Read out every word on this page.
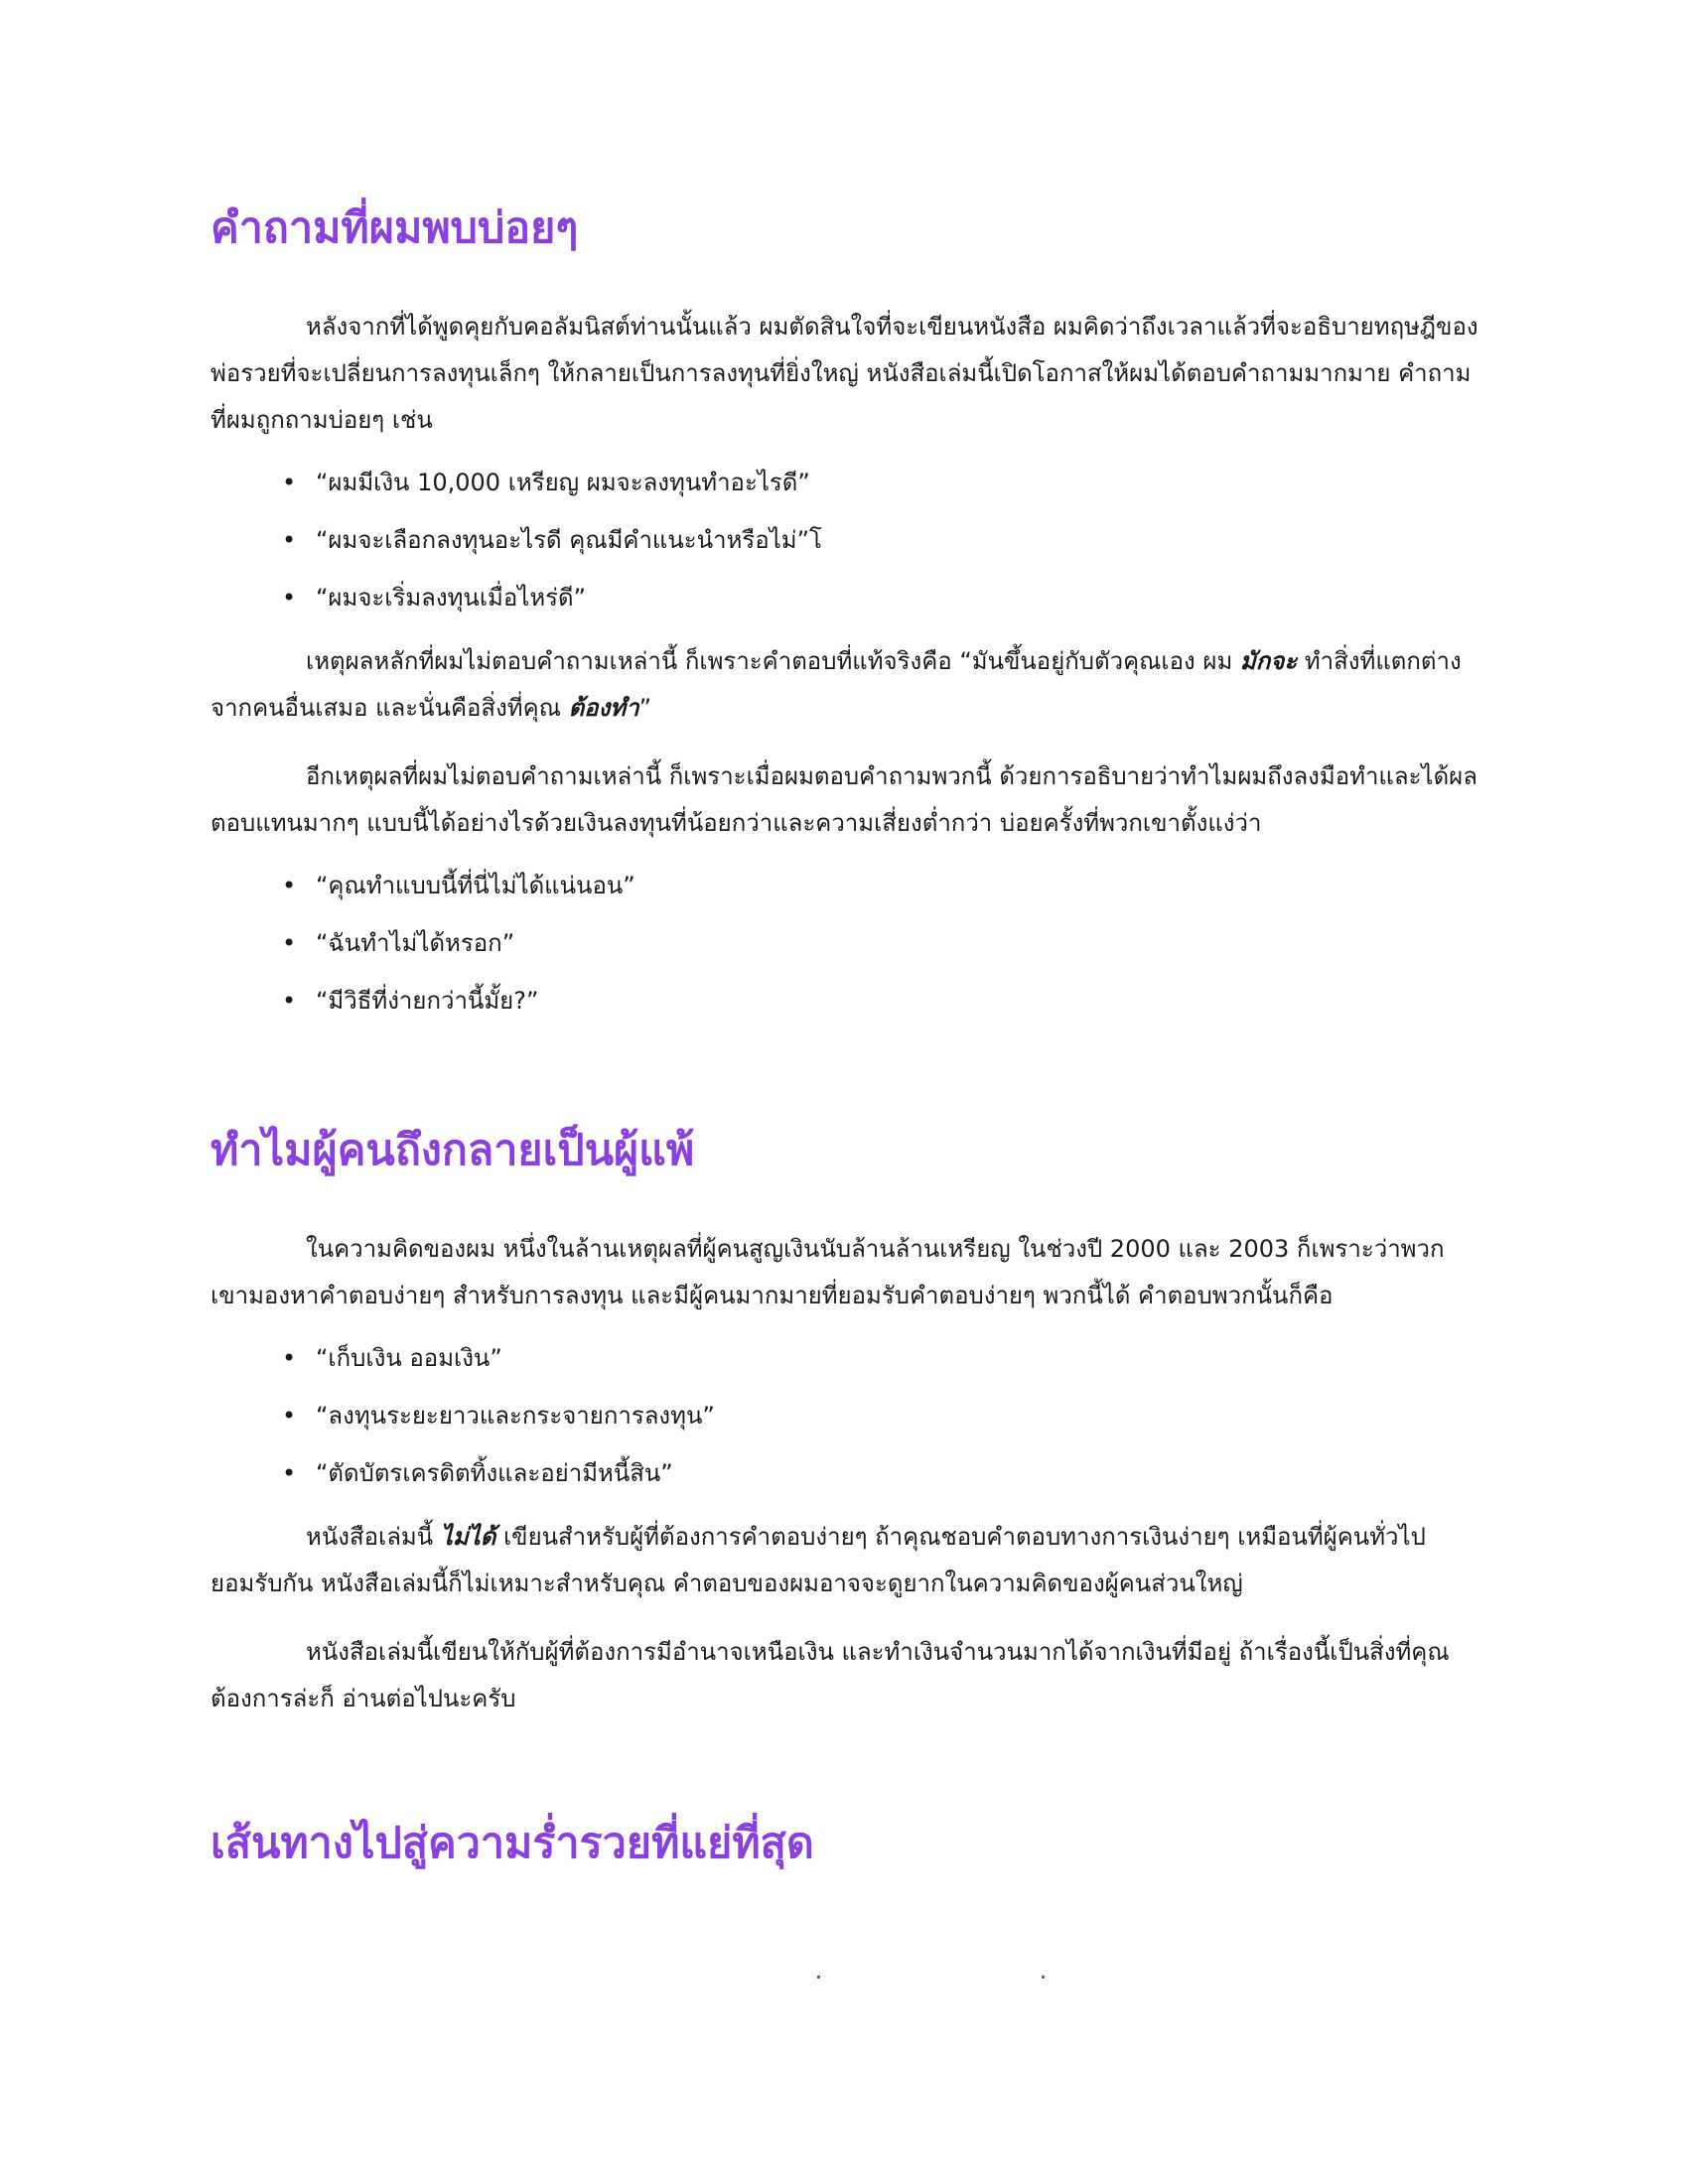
คำถามที่ผมพบบ่อยๆ

หลังจากที่ได้พูดคุยกับคอลัมนิสต์ท่านนั้นแล้ว ผมตัดสินใจที่จะเขียนหนังสือ ผมคิดว่าถึงเวลาแล้วที่จะอธิบายทฤษฎีของพ่อรวยที่จะเปลี่ยนการลงทุนเล็กๆ ให้กลายเป็นการลงทุนที่ยิ่งใหญ่ หนังสือเล่มนี้เปิดโอกาสให้ผมได้ตอบคำถามมากมาย คำถามที่ผมถูกถามบ่อยๆ เช่น

• “ผมมีเงิน 10,000 เหรียญ ผมจะลงทุนทำอะไรดี”
• “ผมจะเลือกลงทุนอะไรดี คุณมีคำแนะนำหรือไม่”โ
• “ผมจะเริ่มลงทุนเมื่อไหร่ดี”

เหตุผลหลักที่ผมไม่ตอบคำถามเหล่านี้ ก็เพราะคำตอบที่แท้จริงคือ “มันขึ้นอยู่กับตัวคุณเอง ผม มักจะ ทำสิ่งที่แตกต่างจากคนอื่นเสมอ และนั่นคือสิ่งที่คุณ ต้องทำ”

อีกเหตุผลที่ผมไม่ตอบคำถามเหล่านี้ ก็เพราะเมื่อผมตอบคำถามพวกนี้ ด้วยการอธิบายว่าทำไมผมถึงลงมือทำและได้ผลตอบแทนมากๆ แบบนี้ได้อย่างไรด้วยเงินลงทุนที่น้อยกว่าและความเสี่ยงต่ำกว่า บ่อยครั้งที่พวกเขาตั้งแง่ว่า

• “คุณทำแบบนี้ที่นี่ไม่ได้แน่นอน”
• “ฉันทำไม่ได้หรอก”
• “มีวิธีที่ง่ายกว่านี้มั้ย?”
ทำไมผู้คนถึงกลายเป็นผู้แพ้

ในความคิดของผม หนึ่งในล้านเหตุผลที่ผู้คนสูญเงินนับล้านล้านเหรียญ ในช่วงปี 2000 และ 2003 ก็เพราะว่าพวกเขามองหาคำตอบง่ายๆ สำหรับการลงทุน และมีผู้คนมากมายที่ยอมรับคำตอบง่ายๆ พวกนี้ได้ คำตอบพวกนั้นก็คือ

• “เก็บเงิน ออมเงิน”
• “ลงทุนระยะยาวและกระจายการลงทุน”
• “ตัดบัตรเครดิตทิ้งและอย่ามีหนี้สิน”

หนังสือเล่มนี้ ไม่ได้ เขียนสำหรับผู้ที่ต้องการคำตอบง่ายๆ ถ้าคุณชอบคำตอบทางการเงินง่ายๆ เหมือนที่ผู้คนทั่วไปยอมรับกัน หนังสือเล่มนี้ก็ไม่เหมาะสำหรับคุณ คำตอบของผมอาจจะดูยากในความคิดของผู้คนส่วนใหญ่

หนังสือเล่มนี้เขียนให้กับผู้ที่ต้องการมีอำนาจเหนือเงิน และทำเงินจำนวนมากได้จากเงินที่มีอยู่ ถ้าเรื่องนี้เป็นสิ่งที่คุณต้องการล่ะก็ อ่านต่อไปนะครับ

เส้นทางไปสู่ความร่ำรวยที่แย่ที่สุด
